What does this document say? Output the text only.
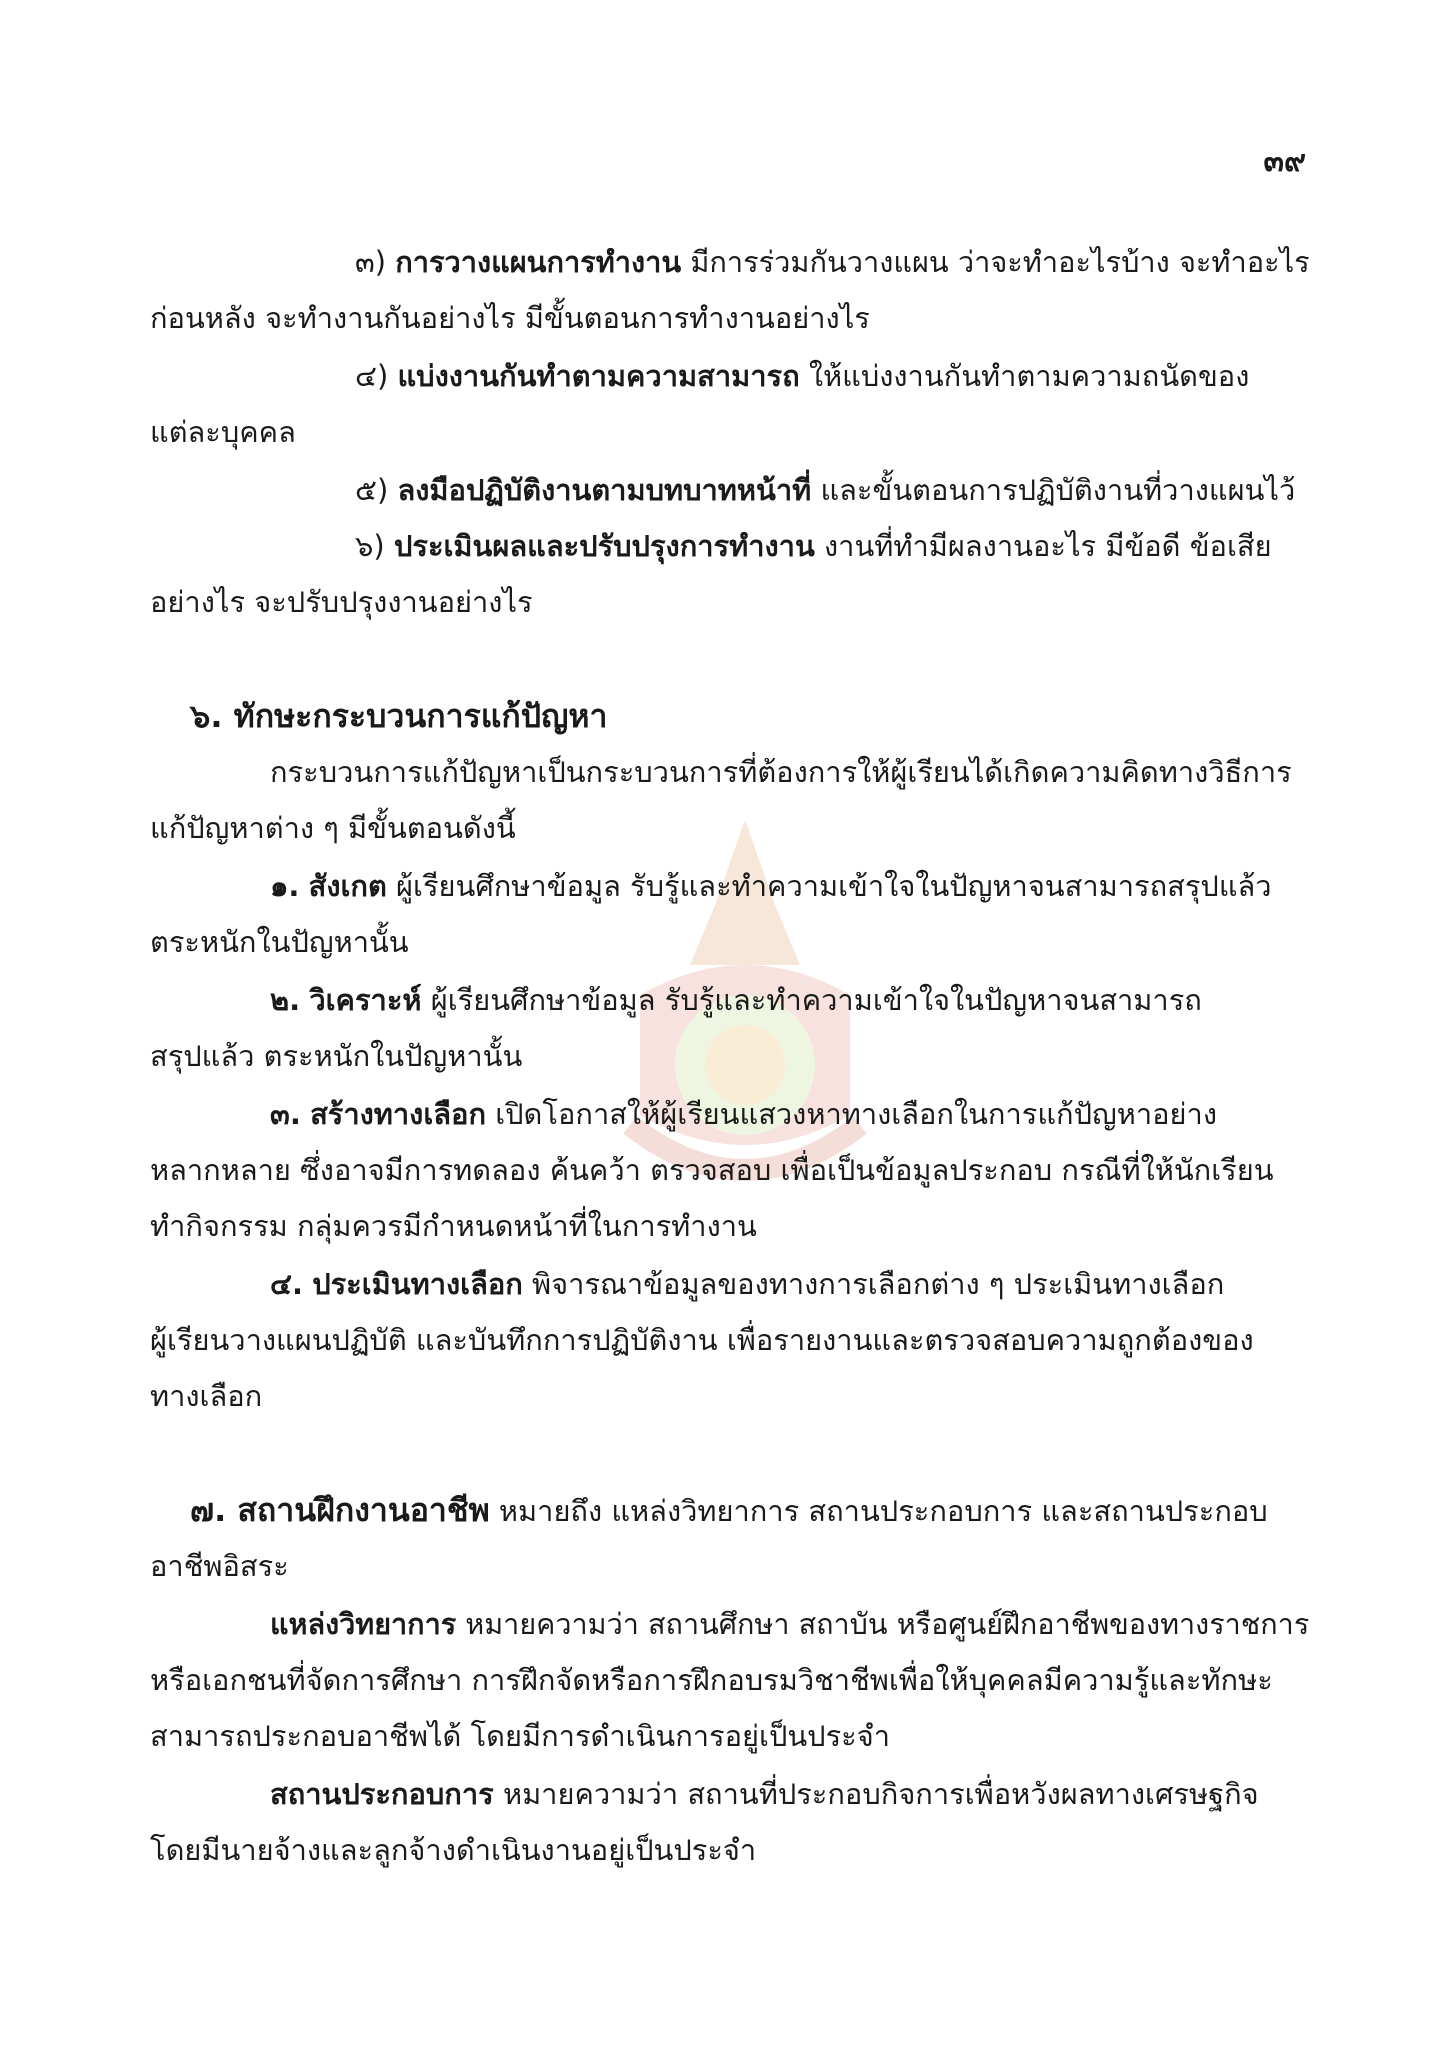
๓๙
๓) การวางแผนการทำงาน มีการร่วมกันวางแผน ว่าจะทำอะไรบ้าง จะทำอะไร
ก่อนหลัง จะทำงานกันอย่างไร มีขั้นตอนการทำงานอย่างไร
๔) แบ่งงานกันทำตามความสามารถ ให้แบ่งงานกันทำตามความถนัดของ
แต่ละบุคคล
๕) ลงมือปฏิบัติงานตามบทบาทหน้าที่ และขั้นตอนการปฏิบัติงานที่วางแผนไว้
๖) ประเมินผลและปรับปรุงการทำงาน งานที่ทำมีผลงานอะไร มีข้อดี ข้อเสีย
อย่างไร จะปรับปรุงงานอย่างไร
๖. ทักษะกระบวนการแก้ปัญหา
กระบวนการแก้ปัญหาเป็นกระบวนการที่ต้องการให้ผู้เรียนได้เกิดความคิดทางวิธีการ
แก้ปัญหาต่าง ๆ มีขั้นตอนดังนี้
๑. สังเกต ผู้เรียนศึกษาข้อมูล รับรู้และทำความเข้าใจในปัญหาจนสามารถสรุปแล้ว
ตระหนักในปัญหานั้น
๒. วิเคราะห์ ผู้เรียนศึกษาข้อมูล รับรู้และทำความเข้าใจในปัญหาจนสามารถ
สรุปแล้ว ตระหนักในปัญหานั้น
๓. สร้างทางเลือก เปิดโอกาสให้ผู้เรียนแสวงหาทางเลือกในการแก้ปัญหาอย่าง
หลากหลาย ซึ่งอาจมีการทดลอง ค้นคว้า ตรวจสอบ เพื่อเป็นข้อมูลประกอบ กรณีที่ให้นักเรียน
ทำกิจกรรม กลุ่มควรมีกำหนดหน้าที่ในการทำงาน
๔. ประเมินทางเลือก พิจารณาข้อมูลของทางการเลือกต่าง ๆ ประเมินทางเลือก
ผู้เรียนวางแผนปฏิบัติ และบันทึกการปฏิบัติงาน เพื่อรายงานและตรวจสอบความถูกต้องของ
ทางเลือก
๗. สถานฝึกงานอาชีพ หมายถึง แหล่งวิทยาการ สถานประกอบการ และสถานประกอบ
อาชีพอิสระ
แหล่งวิทยาการ หมายความว่า สถานศึกษา สถาบัน หรือศูนย์ฝึกอาชีพของทางราชการ
หรือเอกชนที่จัดการศึกษา การฝึกจัดหรือการฝึกอบรมวิชาชีพเพื่อให้บุคคลมีความรู้และทักษะ
สามารถประกอบอาชีพได้ โดยมีการดำเนินการอยู่เป็นประจำ
สถานประกอบการ หมายความว่า สถานที่ประกอบกิจการเพื่อหวังผลทางเศรษฐกิจ
โดยมีนายจ้างและลูกจ้างดำเนินงานอยู่เป็นประจำ
